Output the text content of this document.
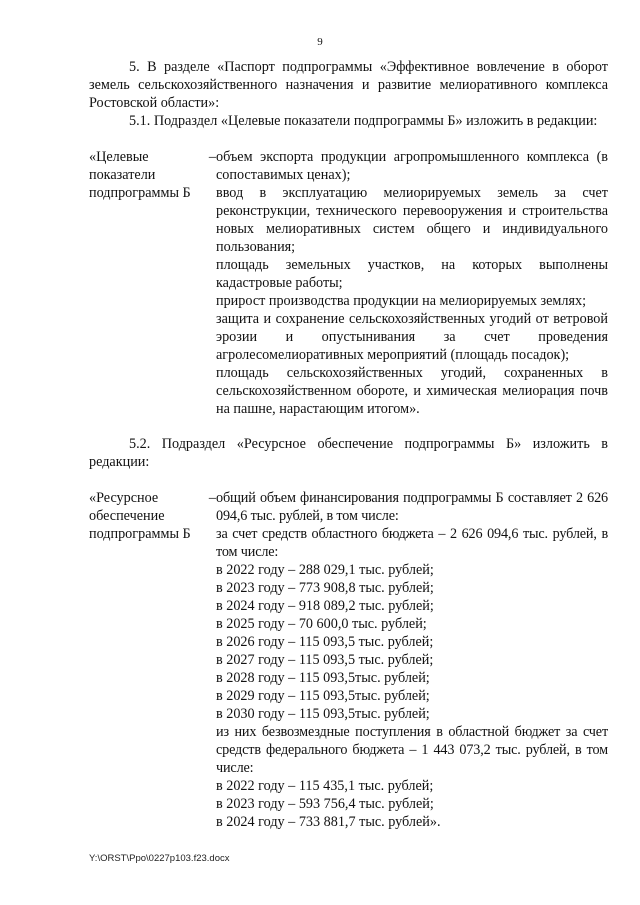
9

5. В разделе «Паспорт подпрограммы «Эффективное вовлечение в оборот земель сельскохозяйственного назначения и развитие мелиоративного комплекса Ростовской области»:

5.1. Подраздел «Целевые показатели подпрограммы Б» изложить в редакции:

«Целевые
показатели
подпрограммы Б
– объем экспорта продукции агропромышленного комплекса (в сопоставимых ценах);

ввод в эксплуатацию мелиорируемых земель за счет реконструкции, технического перевооружения и строительства новых мелиоративных систем общего и индивидуального пользования;

площадь земельных участков, на которых выполнены кадастровые работы;

прирост производства продукции на мелиорируемых землях;

защита и сохранение сельскохозяйственных угодий от ветровой эрозии и опустынивания за счет проведения агролесомелиоративных мероприятий (площадь посадок);

площадь сельскохозяйственных угодий, сохраненных в сельскохозяйственном обороте, и химическая мелиорация почв на пашне, нарастающим итогом».

5.2. Подраздел «Ресурсное обеспечение подпрограммы Б» изложить в редакции:

«Ресурсное
обеспечение
подпрограммы Б
– общий объем финансирования подпрограммы Б составляет 2 626 094,6 тыс. рублей, в том числе:

за счет средств областного бюджета – 2 626 094,6 тыс. рублей, в том числе:

в 2022 году – 288 029,1 тыс. рублей;

в 2023 году – 773 908,8 тыс. рублей;

в 2024 году – 918 089,2 тыс. рублей;

в 2025 году – 70 600,0 тыс. рублей;

в 2026 году – 115 093,5 тыс. рублей;

в 2027 году – 115 093,5 тыс. рублей;

в 2028 году – 115 093,5тыс. рублей;

в 2029 году – 115 093,5тыс. рублей;

в 2030 году – 115 093,5тыс. рублей;

из них безвозмездные поступления в областной бюджет за счет средств федерального бюджета – 1 443 073,2 тыс. рублей, в том числе:

в 2022 году – 115 435,1 тыс. рублей;

в 2023 году – 593 756,4 тыс. рублей;

в 2024 году – 733 881,7 тыс. рублей».

Y:\ORST\Ppo\0227p103.f23.docx
